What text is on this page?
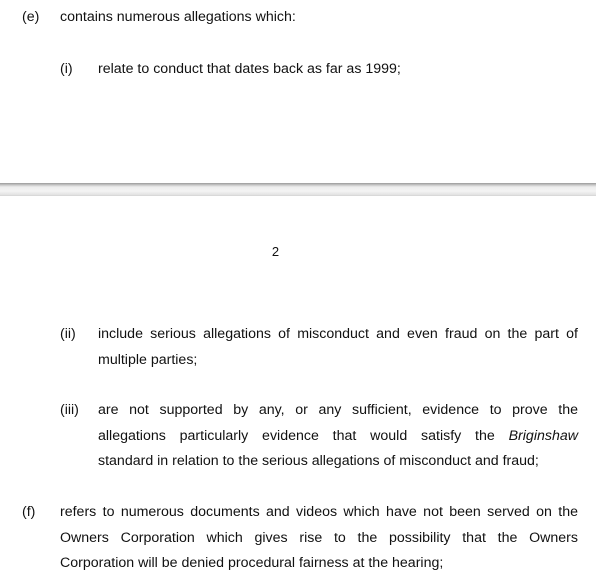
(e) contains numerous allegations which:
(i) relate to conduct that dates back as far as 1999;
2
(ii) include serious allegations of misconduct and even fraud on the part of
multiple parties;
(iii) are not supported by any, or any sufficient, evidence to prove the
allegations particularly evidence that would satisfy the Briginshaw
standard in relation to the serious allegations of misconduct and fraud;
(f) refers to numerous documents and videos which have not been served on the
Owners Corporation which gives rise to the possibility that the Owners
Corporation will be denied procedural fairness at the hearing;
